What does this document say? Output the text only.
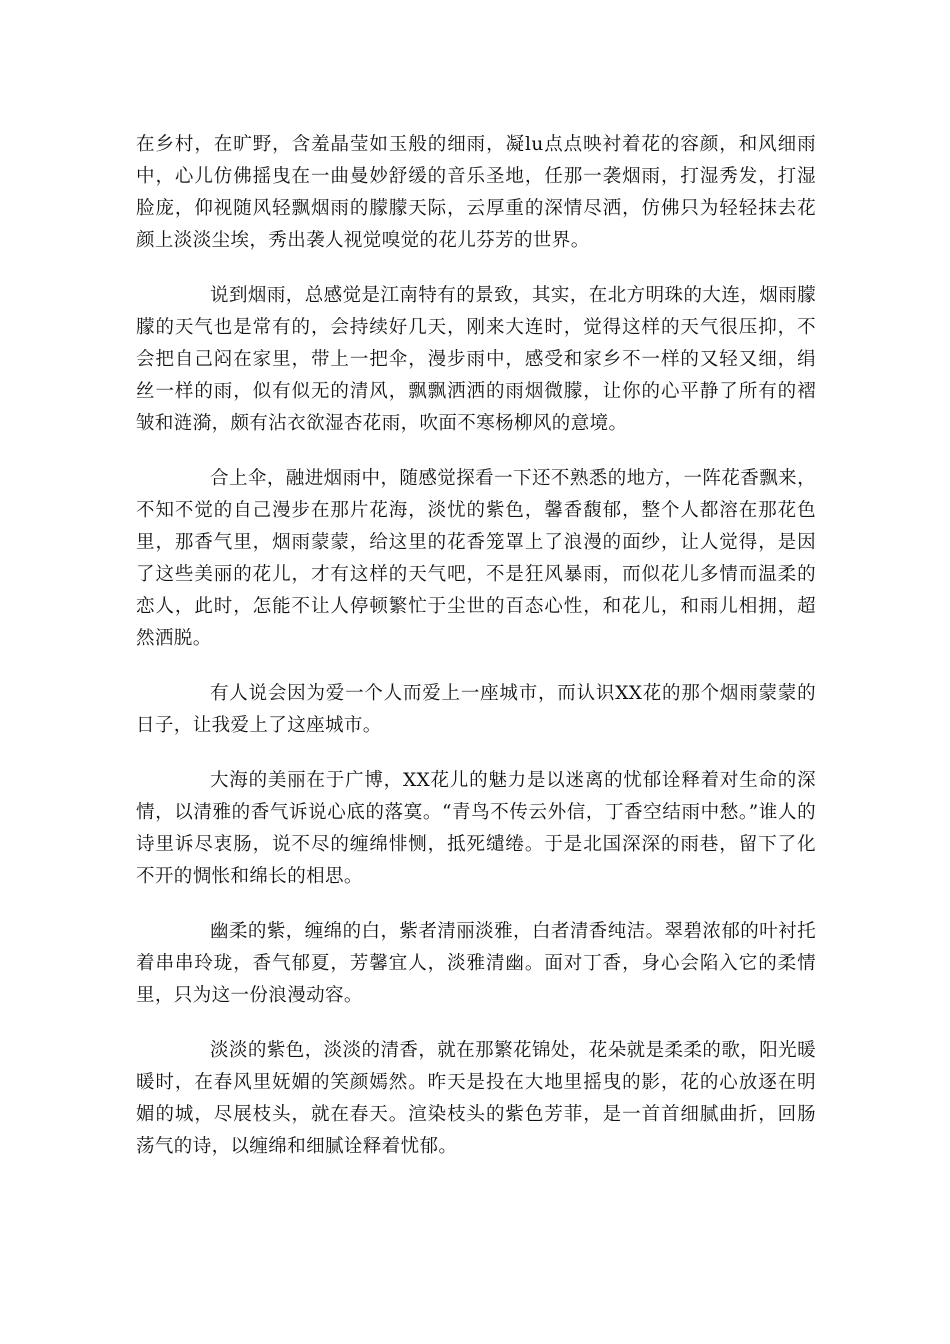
在乡村，在旷野，含羞晶莹如玉般的细雨，凝lu点点映衬着花的容颜，和风细雨中，心儿仿佛摇曳在一曲曼妙舒缓的音乐圣地，任那一袭烟雨，打湿秀发，打湿脸庞，仰视随风轻飘烟雨的朦朦天际，云厚重的深情尽洒，仿佛只为轻轻抹去花颜上淡淡尘埃，秀出袭人视觉嗅觉的花儿芬芳的世界。

说到烟雨，总感觉是江南特有的景致，其实，在北方明珠的大连，烟雨朦朦的天气也是常有的，会持续好几天，刚来大连时，觉得这样的天气很压抑，不会把自己闷在家里，带上一把伞，漫步雨中，感受和家乡不一样的又轻又细，绢丝一样的雨，似有似无的清风，飘飘洒洒的雨烟微朦，让你的心平静了所有的褶皱和涟漪，颇有沾衣欲湿杏花雨，吹面不寒杨柳风的意境。

合上伞，融进烟雨中，随感觉探看一下还不熟悉的地方，一阵花香飘来，不知不觉的自己漫步在那片花海，淡忧的紫色，馨香馥郁，整个人都溶在那花色里，那香气里，烟雨蒙蒙，给这里的花香笼罩上了浪漫的面纱，让人觉得，是因了这些美丽的花儿，才有这样的天气吧，不是狂风暴雨，而似花儿多情而温柔的恋人，此时，怎能不让人停顿繁忙于尘世的百态心性，和花儿，和雨儿相拥，超然洒脱。

有人说会因为爱一个人而爱上一座城市，而认识XX花的那个烟雨蒙蒙的日子，让我爱上了这座城市。

大海的美丽在于广博，XX花儿的魅力是以迷离的忧郁诠释着对生命的深情，以清雅的香气诉说心底的落寞。“青鸟不传云外信，丁香空结雨中愁。”谁人的诗里诉尽衷肠，说不尽的缠绵悱恻，抵死缱绻。于是北国深深的雨巷，留下了化不开的惆怅和绵长的相思。

幽柔的紫，缠绵的白，紫者清丽淡雅，白者清香纯洁。翠碧浓郁的叶衬托着串串玲珑，香气郁夏，芳馨宜人，淡雅清幽。面对丁香，身心会陷入它的柔情里，只为这一份浪漫动容。

淡淡的紫色，淡淡的清香，就在那繁花锦处，花朵就是柔柔的歌，阳光暖暖时，在春风里妩媚的笑颜嫣然。昨天是投在大地里摇曳的影，花的心放逐在明媚的城，尽展枝头，就在春天。渲染枝头的紫色芳菲，是一首首细腻曲折，回肠荡气的诗，以缠绵和细腻诠释着忧郁。
